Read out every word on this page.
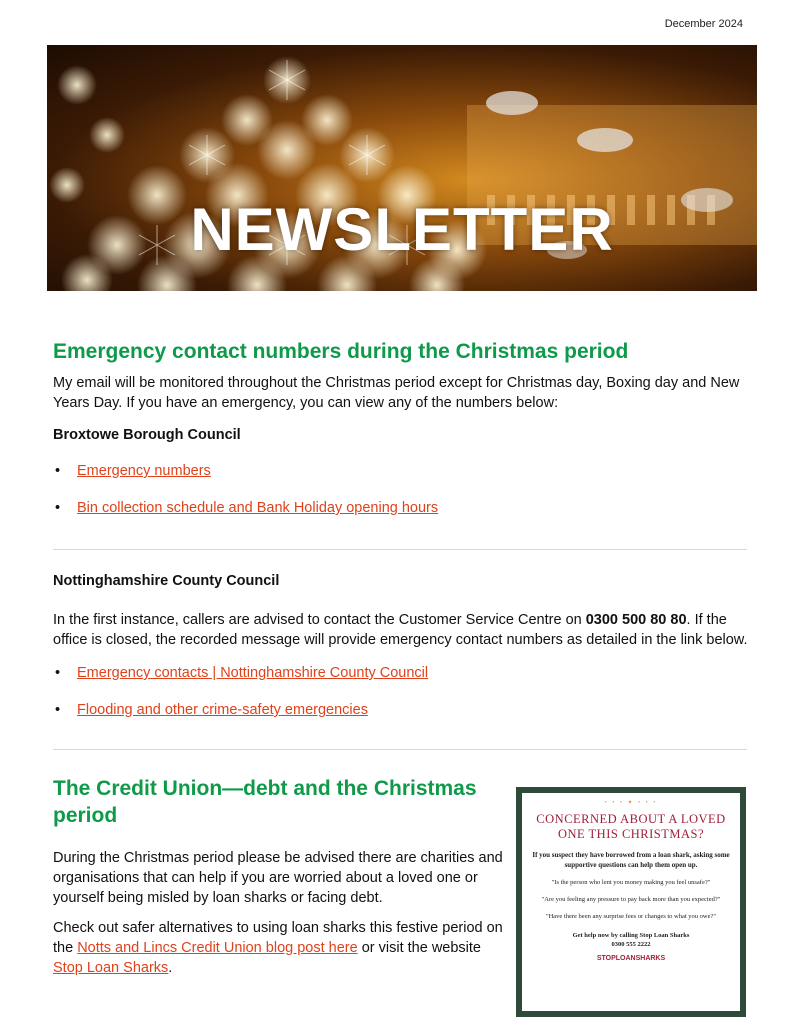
December 2024
NEWSLETTER
Emergency contact numbers during the Christmas period

My email will be monitored throughout the Christmas period except for Christmas day, Boxing day and New Years Day. If you have an emergency, you can view any of the numbers below:

Broxtowe Borough Council
• Emergency numbers
• Bin collection schedule and Bank Holiday opening hours
Nottinghamshire County Council

In the first instance, callers are advised to contact the Customer Service Centre on 0300 500 80 80. If the office is closed, the recorded message will provide emergency contact numbers as detailed in the link below.

• Emergency contacts | Nottinghamshire County Council
• Flooding and other crime-safety emergencies
The Credit Union—debt and the Christmas
period

During the Christmas period please be advised there are charities and organisations that can help if you are worried about a loved one or yourself being misled by loan sharks or facing debt.

Check out safer alternatives to using loan sharks this festive period on the Notts and Lincs Credit Union blog post here or visit the website Stop Loan Sharks.

• • • ✦ • • •
CONCERNED ABOUT A LOVED
ONE THIS CHRISTMAS?
If you suspect they have borrowed from a loan shark, asking some supportive questions can help them open up.
"Is the person who lent you money making you feel unsafe?"
"Are you feeling any pressure to pay back more than you expected?"
"Have there been any surprise fees or changes to what you owe?"
Get help now by calling Stop Loan Sharks
0300 555 2222
STOPLOANSHARKS
